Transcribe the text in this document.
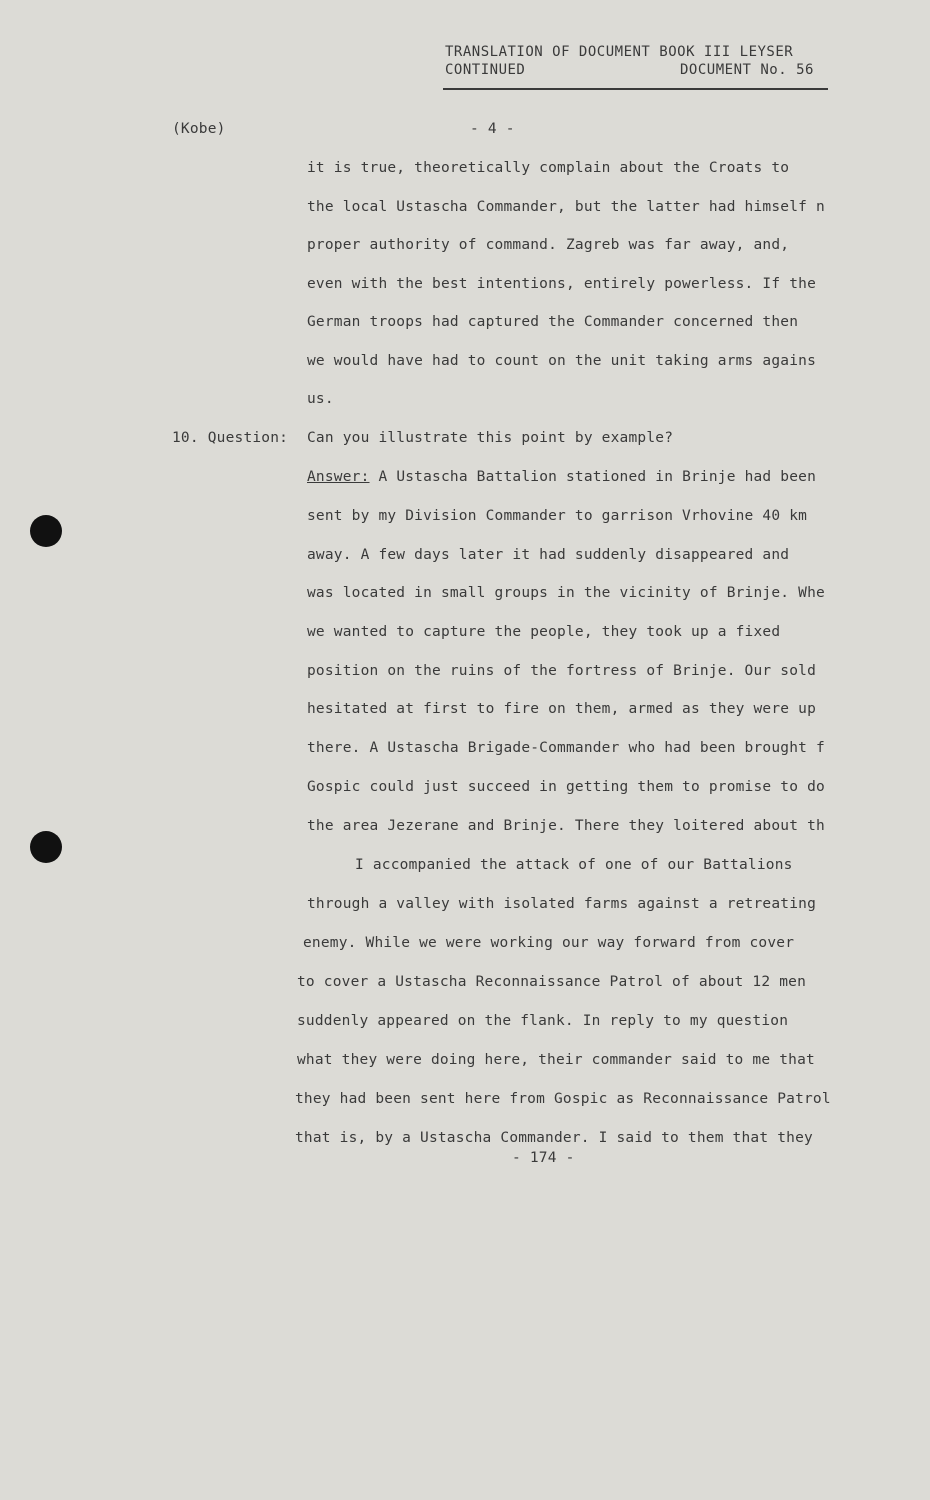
TRANSLATION OF DOCUMENT BOOK III LEYSER
CONTINUED	DOCUMENT No. 56
(Kobe)	- 4 -
it is true, theoretically complain about the Croats to
the local Ustascha Commander, but the latter had himself n
proper authority of command. Zagreb was far away, and,
even with the best intentions, entirely powerless. If the
German troops had captured the Commander concerned then
we would have had to count on the unit taking arms agains
us.
10. Question: Can you illustrate this point by example?
Answer: A Ustascha Battalion stationed in Brinje had been
sent by my Division Commander to garrison Vrhovine 40 km
away. A few days later it had suddenly disappeared and
was located in small groups in the vicinity of Brinje. Whe
we wanted to capture the people, they took up a fixed
position on the ruins of the fortress of Brinje. Our sold
hesitated at first to fire on them, armed as they were up
there. A Ustascha Brigade-Commander who had been brought f
Gospic could just succeed in getting them to promise to do
the area Jezerane and Brinje. There they loitered about th
I accompanied the attack of one of our Battalions
through a valley with isolated farms against a retreating
enemy. While we were working our way forward from cover
to cover a Ustascha Reconnaissance Patrol of about 12 men
suddenly appeared on the flank. In reply to my question
what they were doing here, their commander said to me that
they had been sent here from Gospic as Reconnaissance Patrol
that is, by a Ustascha Commander. I said to them that they
- 174 -
